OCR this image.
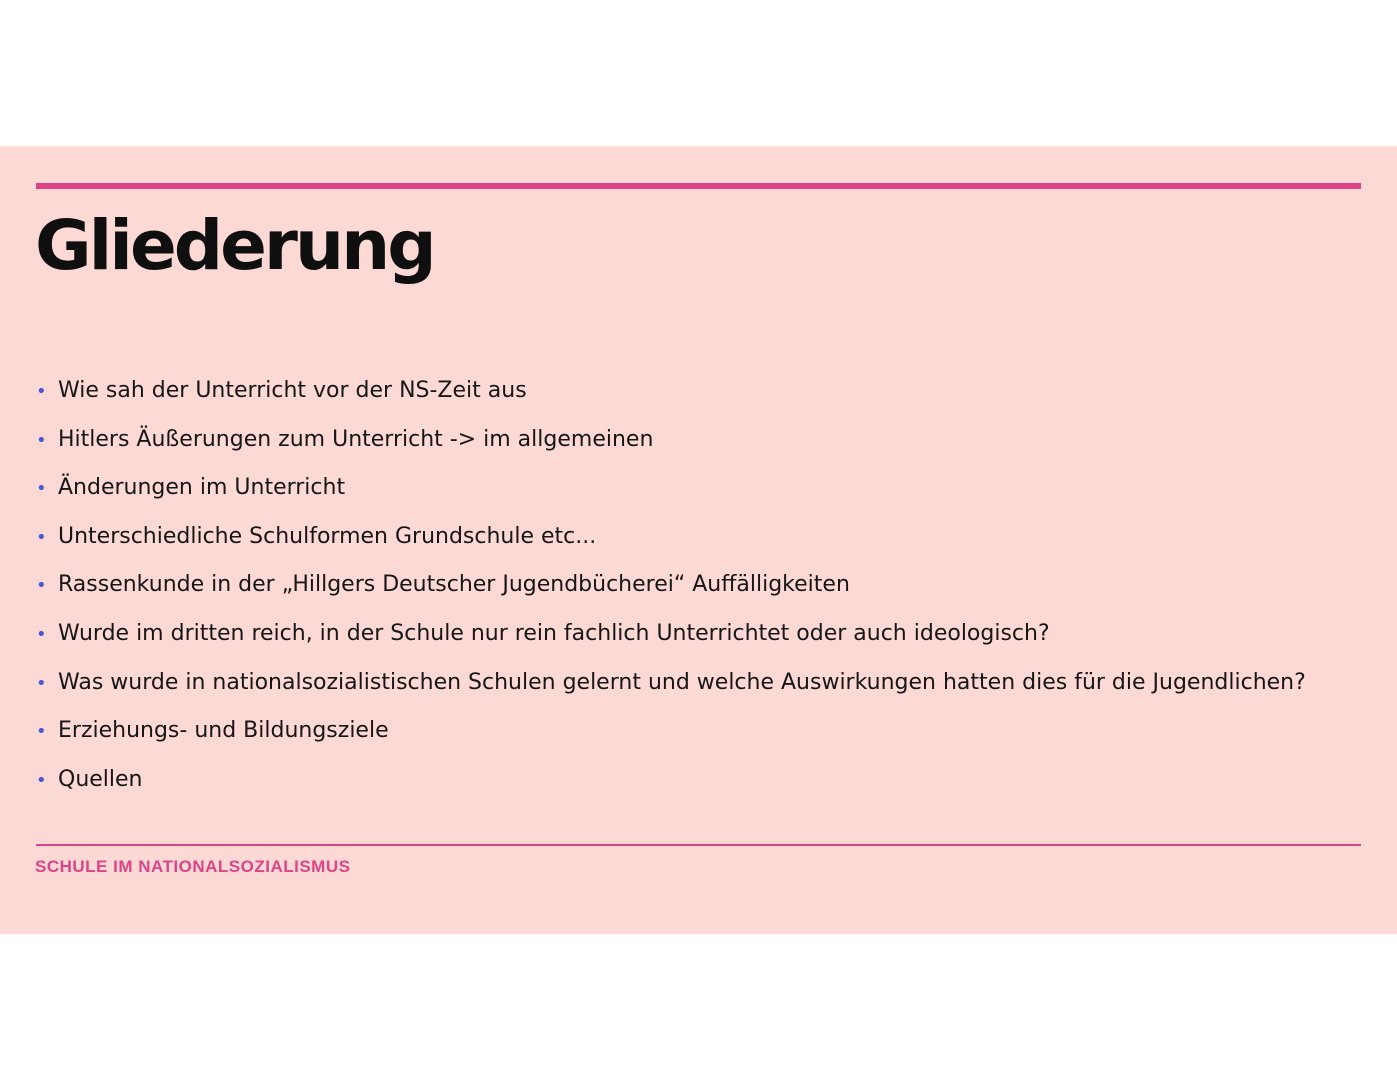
Gliederung
• Wie sah der Unterricht vor der NS-Zeit aus
• Hitlers Äußerungen zum Unterricht -> im allgemeinen
• Änderungen im Unterricht
• Unterschiedliche Schulformen Grundschule etc...
• Rassenkunde in der „Hillgers Deutscher Jugendbücherei“ Auffälligkeiten
• Wurde im dritten reich, in der Schule nur rein fachlich Unterrichtet oder auch ideologisch?
• Was wurde in nationalsozialistischen Schulen gelernt und welche Auswirkungen hatten dies für die Jugendlichen?
• Erziehungs- und Bildungsziele
• Quellen
SCHULE IM NATIONALSOZIALISMUS
